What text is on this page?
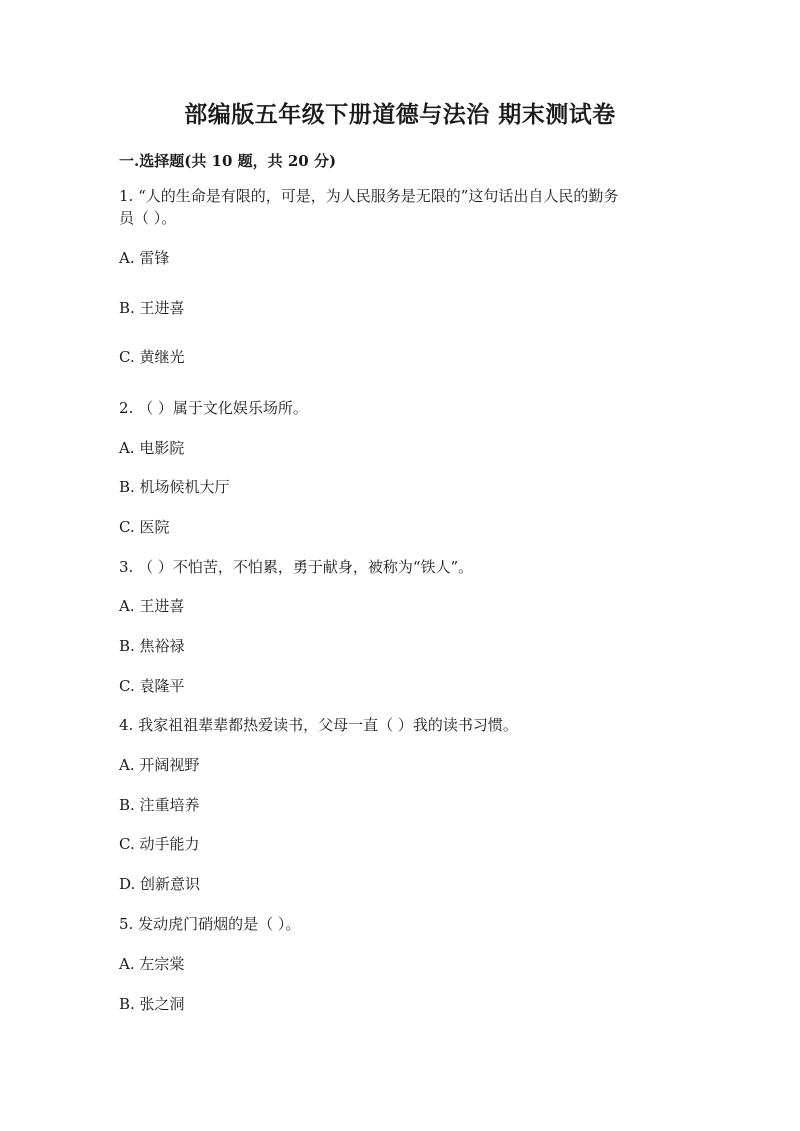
部编版五年级下册道德与法治 期末测试卷
一.选择题(共 10 题，共 20 分)

1. “人的生命是有限的，可是，为人民服务是无限的”这句话出自人民的勤务

员（ ）。

A. 雷锋

B. 王进喜

C. 黄继光

2. （ ）属于文化娱乐场所。

A. 电影院

B. 机场候机大厅

C. 医院

3. （ ）不怕苦，不怕累，勇于献身，被称为“铁人”。

A. 王进喜

B. 焦裕禄

C. 袁隆平

4. 我家祖祖辈辈都热爱读书，父母一直（ ）我的读书习惯。

A. 开阔视野

B. 注重培养

C. 动手能力

D. 创新意识

5. 发动虎门硝烟的是（ ）。

A. 左宗棠

B. 张之洞
